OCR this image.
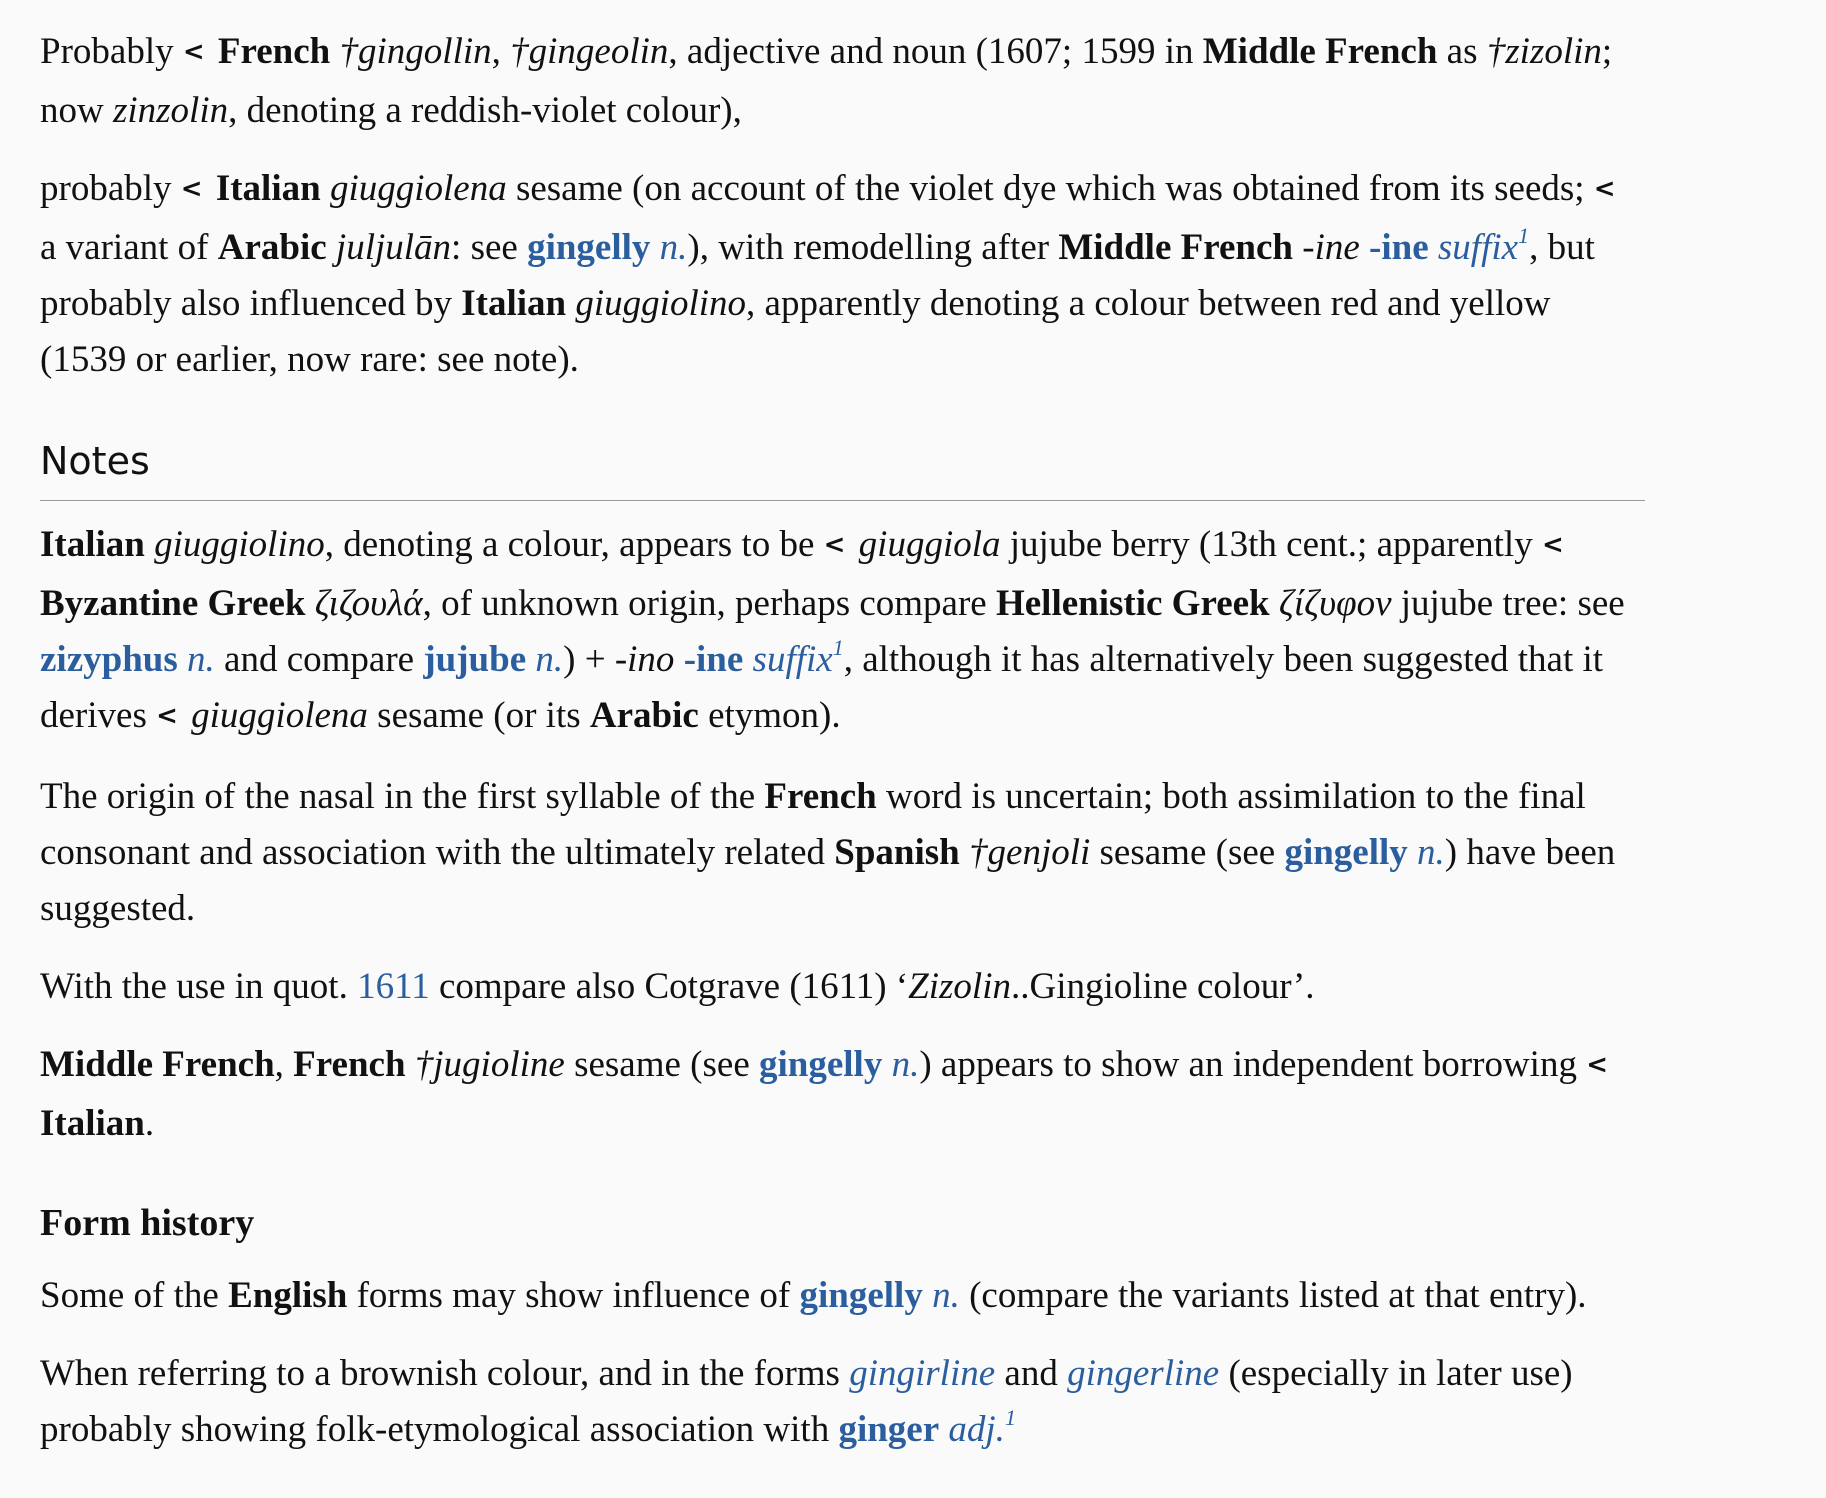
Probably < French †gingollin, †gingeolin, adjective and noun (1607; 1599 in Middle French as †zizolin; now zinzolin, denoting a reddish-violet colour),

probably < Italian giuggiolena sesame (on account of the violet dye which was obtained from its seeds; < a variant of Arabic juljulān: see gingelly n.), with remodelling after Middle French -ine -ine suffix$^1$, but probably also influenced by Italian giuggiolino, apparently denoting a colour between red and yellow (1539 or earlier, now rare: see note).

Notes

Italian giuggiolino, denoting a colour, appears to be < giuggiola jujube berry (13th cent.; apparently < Byzantine Greek ζιζουλά, of unknown origin, perhaps compare Hellenistic Greek ζίζυφον jujube tree: see zizyphus n. and compare jujube n.) + -ino -ine suffix$^1$, although it has alternatively been suggested that it derives < giuggiolena sesame (or its Arabic etymon).

The origin of the nasal in the first syllable of the French word is uncertain; both assimilation to the final consonant and association with the ultimately related Spanish †genjoli sesame (see gingelly n.) have been suggested.

With the use in quot. 1611 compare also Cotgrave (1611) ‘Zizolin..Gingioline colour’.

Middle French, French †jugioline sesame (see gingelly n.) appears to show an independent borrowing < Italian.

Form history

Some of the English forms may show influence of gingelly n. (compare the variants listed at that entry).

When referring to a brownish colour, and in the forms gingirline and gingerline (especially in later use) probably showing folk-etymological association with ginger adj.$^1$
